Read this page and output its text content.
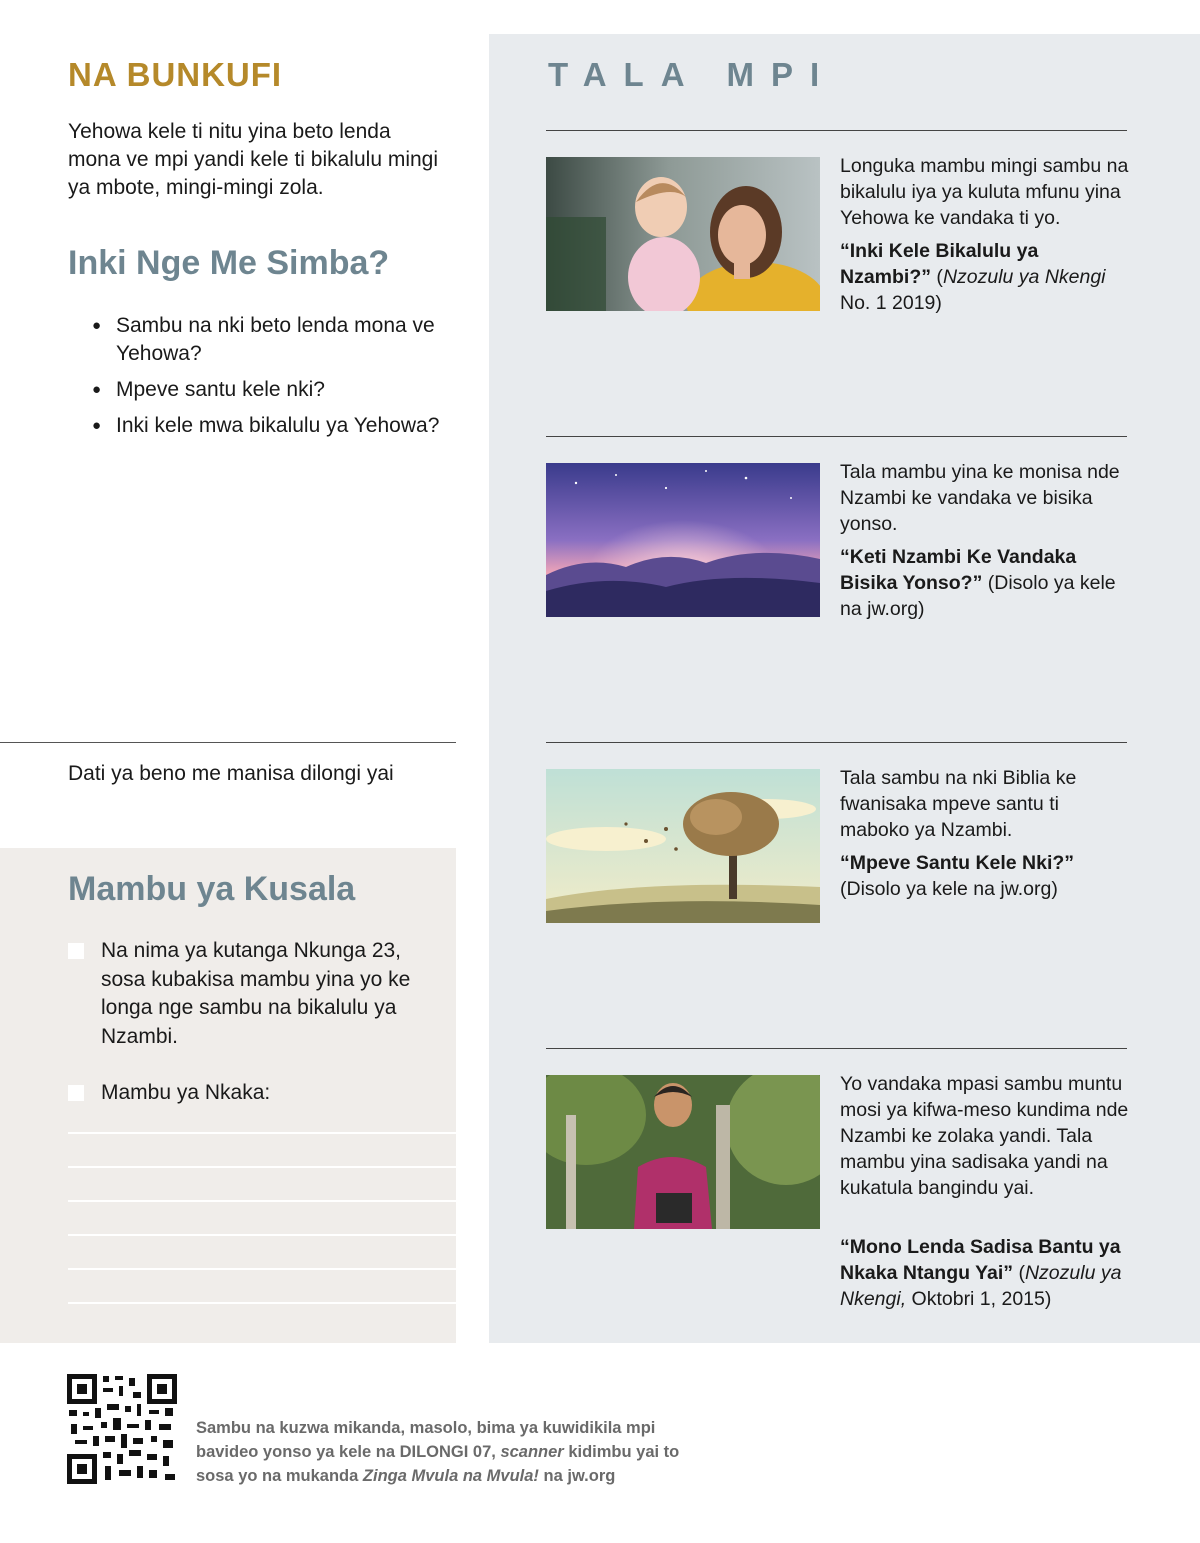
NA BUNKUFI

Yehowa kele ti nitu yina beto lenda mona ve mpi yandi kele ti bikalulu mingi ya mbote, mingi-mingi zola.

Inki Nge Me Simba?
● Sambu na nki beto lenda mona ve Yehowa?
● Mpeve santu kele nki?
● Inki kele mwa bikalulu ya Yehowa?
Dati ya beno me manisa dilongi yai
Mambu ya Kusala
Na nima ya kutanga Nkunga 23, sosa kubakisa mambu yina yo ke longa nge sambu na bikalulu ya Nzambi.
Mambu ya Nkaka:
TALA MPI
Longuka mambu mingi sambu na bikalulu iya ya kuluta mfunu yina Yehowa ke vandaka ti yo.
“Inki Kele Bikalulu ya Nzambi?” (Nzozulu ya Nkengi No. 1 2019)
Tala mambu yina ke monisa nde Nzambi ke vandaka ve bisika yonso.
“Keti Nzambi Ke Vandaka Bisika Yonso?” (Disolo ya kele na jw.org)
Tala sambu na nki Biblia ke fwanisaka mpeve santu ti maboko ya Nzambi.
“Mpeve Santu Kele Nki?”
(Disolo ya kele na jw.org)
Yo vandaka mpasi sambu muntu mosi ya kifwa-meso kundima nde Nzambi ke zolaka yandi. Tala mambu yina sadisaka yandi na kukatula bangindu yai.
“Mono Lenda Sadisa Bantu ya Nkaka Ntangu Yai” (Nzozulu ya Nkengi, Oktobri 1, 2015)

Sambu na kuzwa mikanda, masolo, bima ya kuwidikila mpi bavideo yonso ya kele na DILONGI 07, scanner kidimbu yai to sosa yo na mukanda Zinga Mvula na Mvula! na jw.org
